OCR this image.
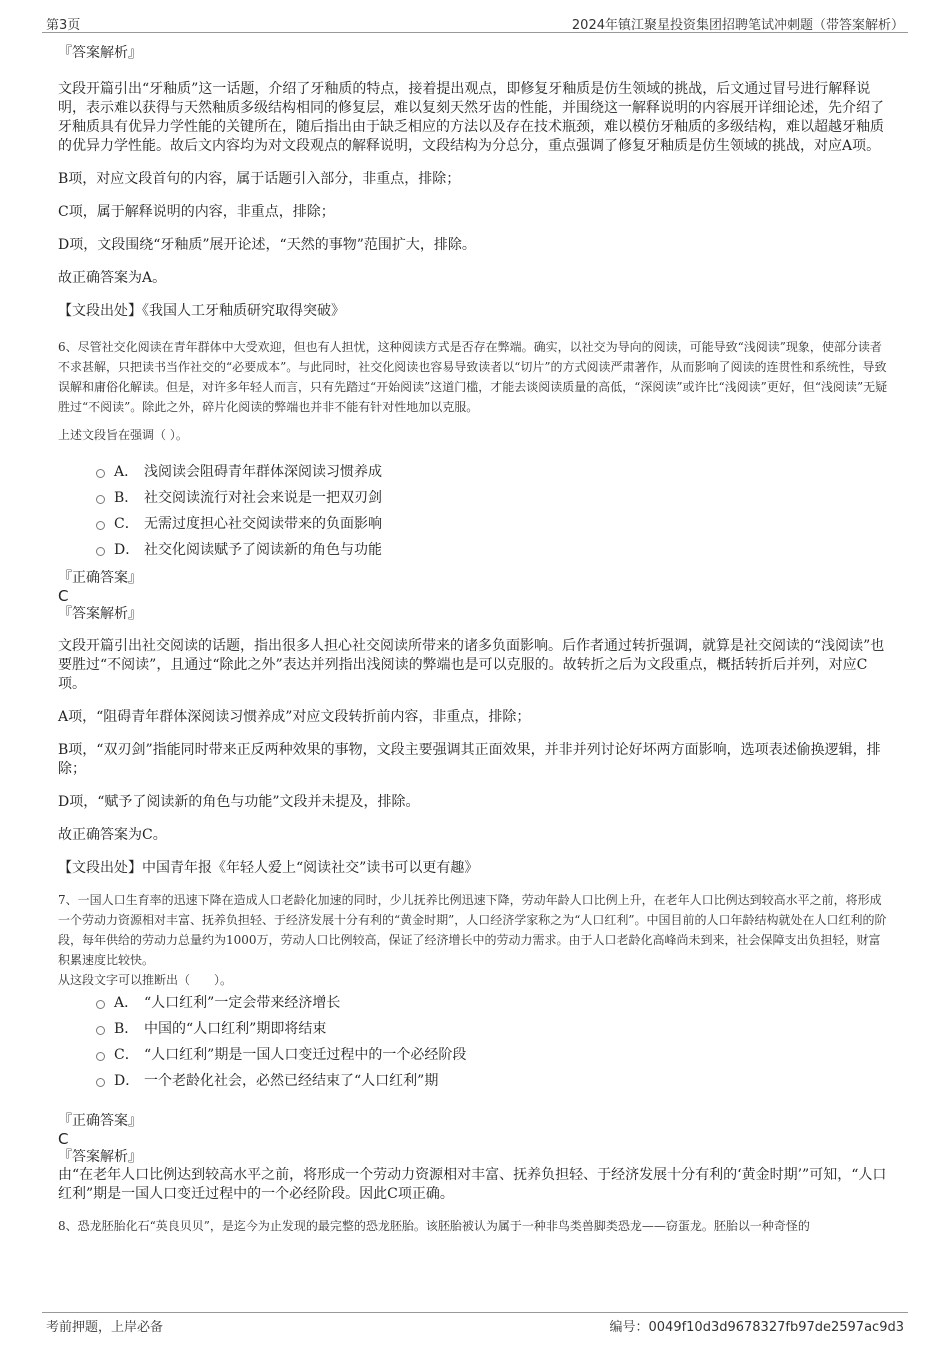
第3页	2024年镇江聚星投资集团招聘笔试冲刺题（带答案解析）

『答案解析』

文段开篇引出“牙釉质”这一话题，介绍了牙釉质的特点，接着提出观点，即修复牙釉质是仿生领域的挑战，后文通过冒号进行解释说明，表示难以获得与天然釉质多级结构相同的修复层，难以复刻天然牙齿的性能，并围绕这一解释说明的内容展开详细论述，先介绍了牙釉质具有优异力学性能的关键所在，随后指出由于缺乏相应的方法以及存在技术瓶颈，难以模仿牙釉质的多级结构，难以超越牙釉质的优异力学性能。故后文内容均为对文段观点的解释说明，文段结构为分总分，重点强调了修复牙釉质是仿生领域的挑战，对应A项。

B项，对应文段首句的内容，属于话题引入部分，非重点，排除；

C项，属于解释说明的内容，非重点，排除；

D项，文段围绕“牙釉质”展开论述，“天然的事物”范围扩大，排除。

故正确答案为A。

【文段出处】《我国人工牙釉质研究取得突破》

6、尽管社交化阅读在青年群体中大受欢迎，但也有人担忧，这种阅读方式是否存在弊端。确实，以社交为导向的阅读，可能导致“浅阅读”现象，使部分读者不求甚解，只把读书当作社交的“必要成本”。与此同时，社交化阅读也容易导致读者以“切片”的方式阅读严肃著作，从而影响了阅读的连贯性和系统性，导致误解和庸俗化解读。但是，对许多年轻人而言，只有先踏过“开始阅读”这道门槛，才能去谈阅读质量的高低，“深阅读”或许比“浅阅读”更好，但“浅阅读”无疑胜过“不阅读”。除此之外，碎片化阅读的弊端也并非不能有针对性地加以克服。

上述文段旨在强调（ ）。

A． 浅阅读会阻碍青年群体深阅读习惯养成
B． 社交阅读流行对社会来说是一把双刃剑
C． 无需过度担心社交阅读带来的负面影响
D． 社交化阅读赋予了阅读新的角色与功能

『正确答案』

C

『答案解析』

文段开篇引出社交阅读的话题，指出很多人担心社交阅读所带来的诸多负面影响。后作者通过转折强调，就算是社交阅读的“浅阅读”也要胜过“不阅读”，且通过“除此之外”表达并列指出浅阅读的弊端也是可以克服的。故转折之后为文段重点，概括转折后并列，对应C项。

A项，“阻碍青年群体深阅读习惯养成”对应文段转折前内容，非重点，排除；

B项，“双刃剑”指能同时带来正反两种效果的事物，文段主要强调其正面效果，并非并列讨论好坏两方面影响，选项表述偷换逻辑，排除；

D项，“赋予了阅读新的角色与功能”文段并未提及，排除。

故正确答案为C。

【文段出处】中国青年报《年轻人爱上“阅读社交”读书可以更有趣》

7、一国人口生育率的迅速下降在造成人口老龄化加速的同时，少儿抚养比例迅速下降，劳动年龄人口比例上升，在老年人口比例达到较高水平之前，将形成一个劳动力资源相对丰富、抚养负担轻、于经济发展十分有利的“黄金时期”，人口经济学家称之为“人口红利”。中国目前的人口年龄结构就处在人口红利的阶段，每年供给的劳动力总量约为1000万，劳动人口比例较高，保证了经济增长中的劳动力需求。由于人口老龄化高峰尚未到来，社会保障支出负担轻，财富积累速度比较快。

从这段文字可以推断出（　　）。

A． “人口红利”一定会带来经济增长
B． 中国的“人口红利”期即将结束
C． “人口红利”期是一国人口变迁过程中的一个必经阶段
D． 一个老龄化社会，必然已经结束了“人口红利”期

『正确答案』

C

『答案解析』

由“在老年人口比例达到较高水平之前，将形成一个劳动力资源相对丰富、抚养负担轻、于经济发展十分有利的‘黄金时期’”可知，“人口红利”期是一国人口变迁过程中的一个必经阶段。因此C项正确。

8、恐龙胚胎化石“英良贝贝”，是迄今为止发现的最完整的恐龙胚胎。该胚胎被认为属于一种非鸟类兽脚类恐龙——窃蛋龙。胚胎以一种奇怪的

考前押题，上岸必备	编号：0049f10d3d9678327fb97de2597ac9d3
